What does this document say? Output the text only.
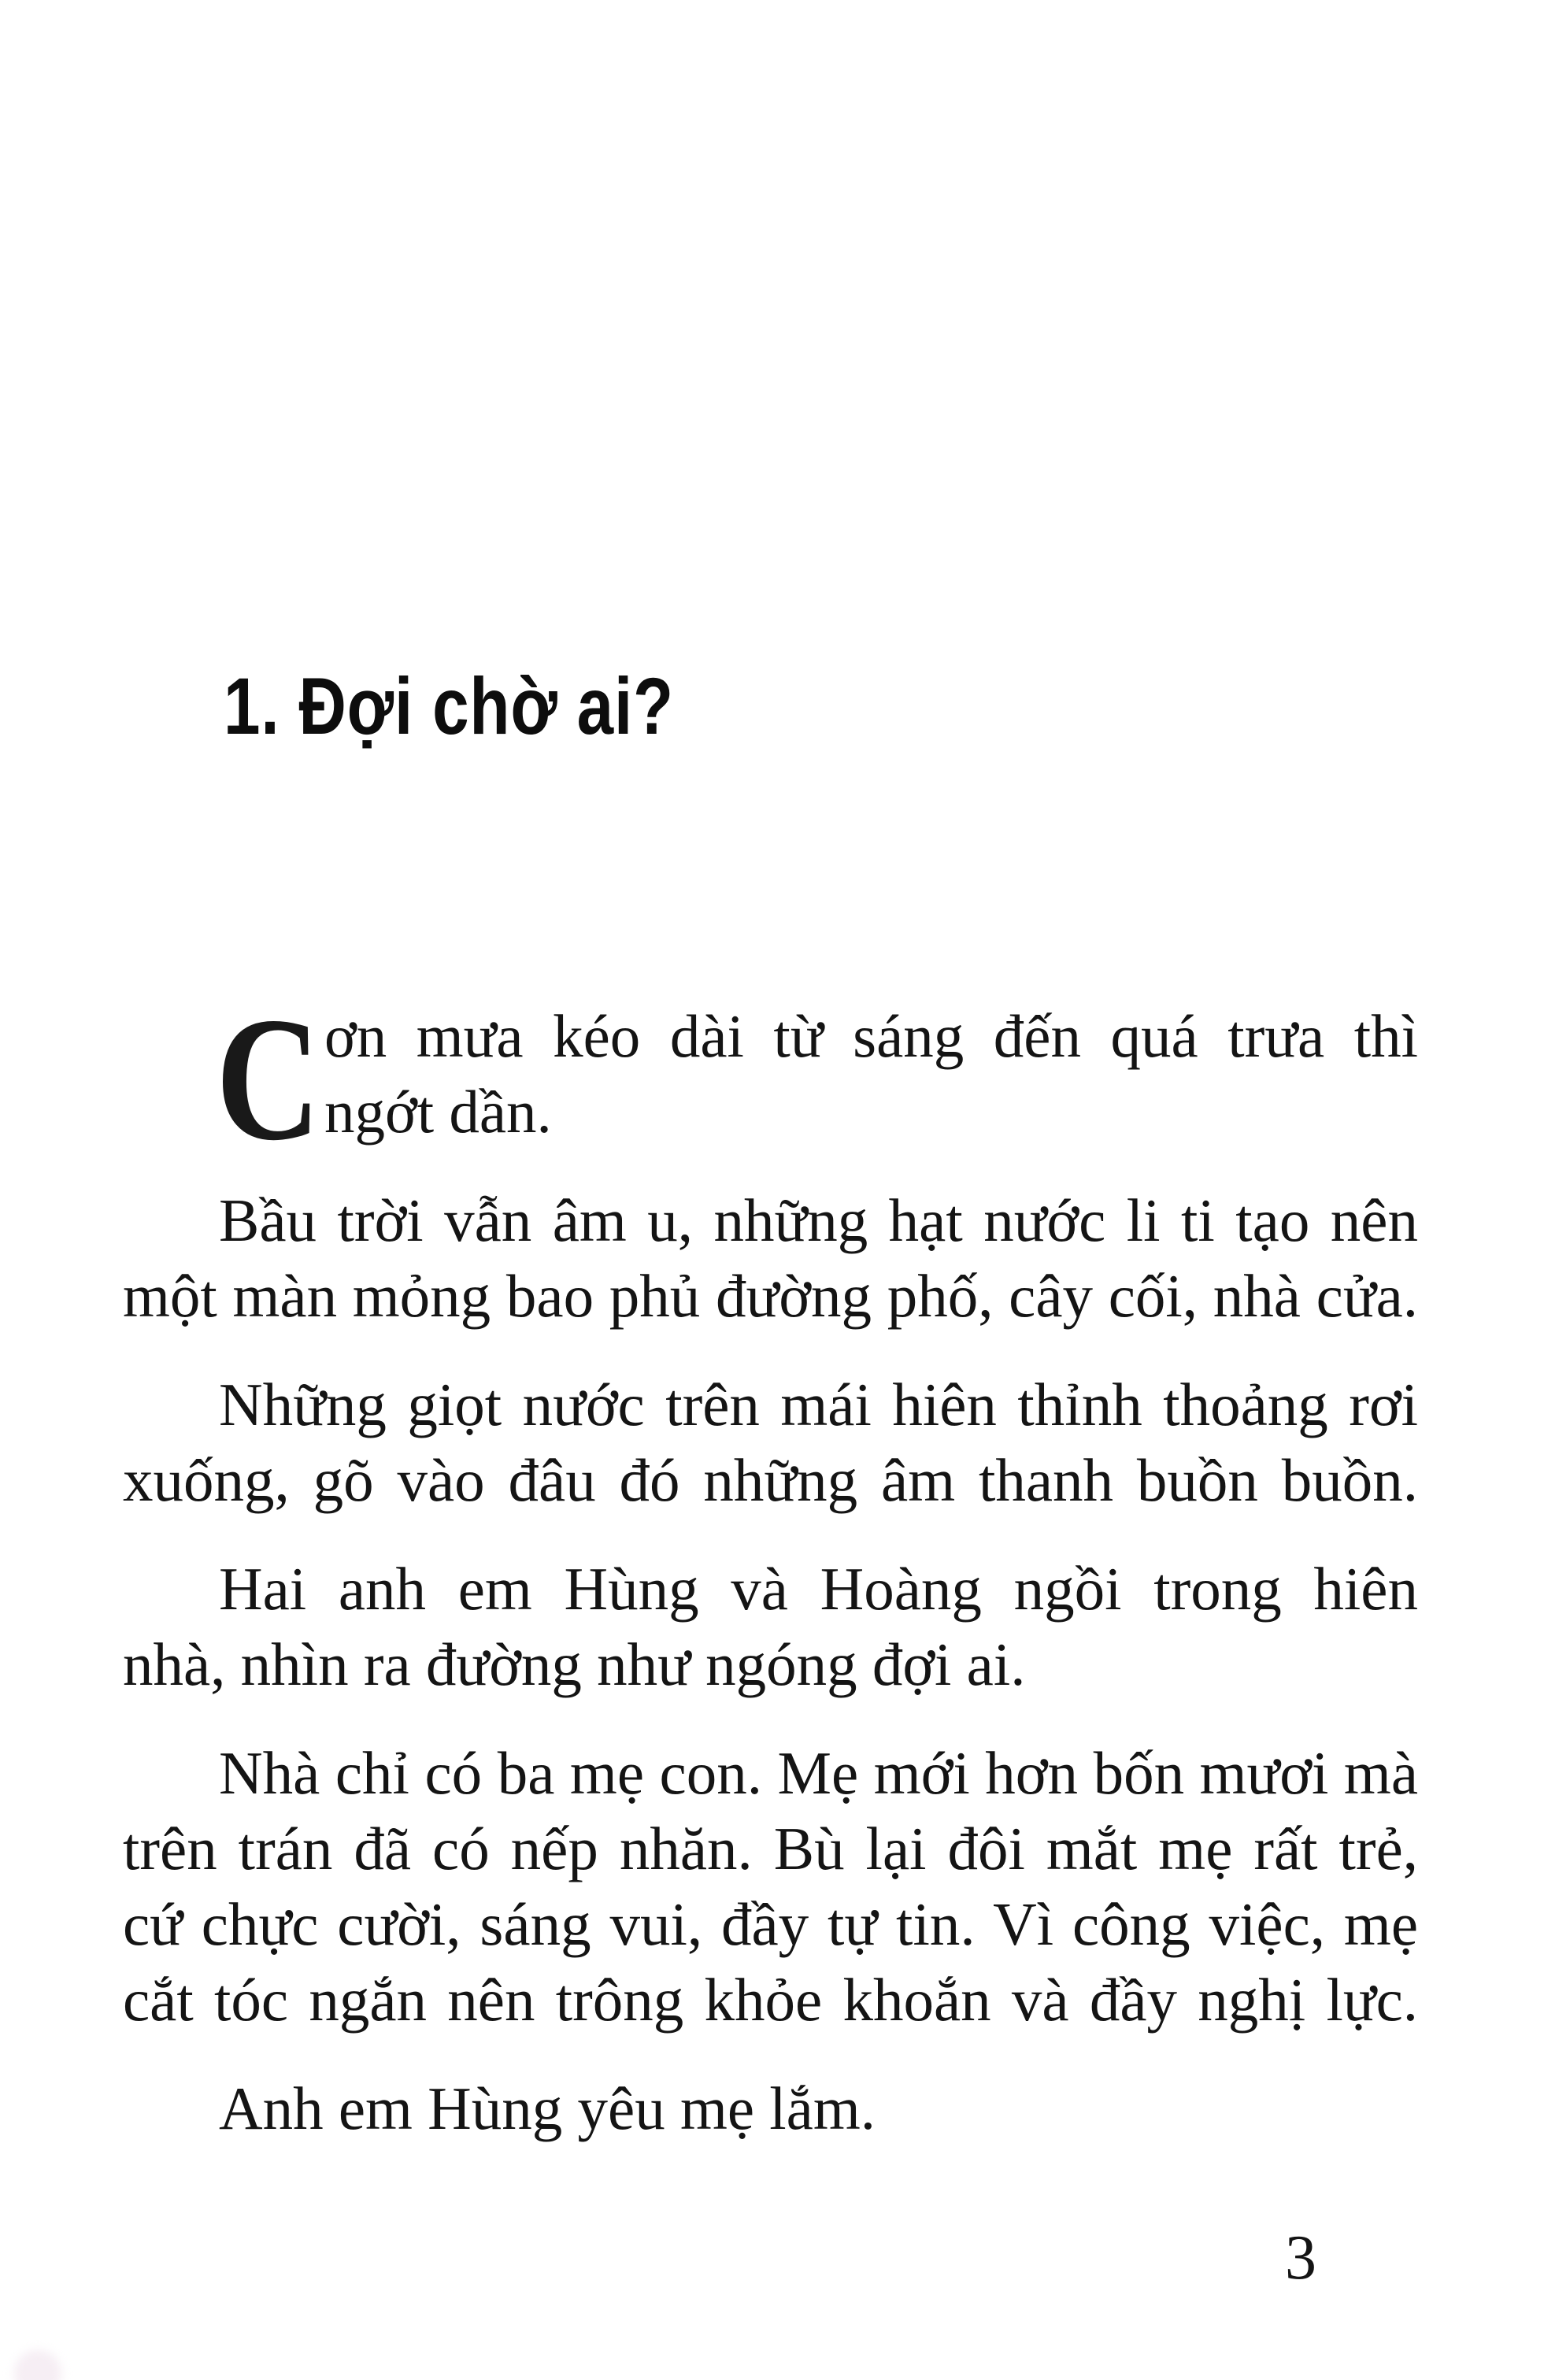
1. Đợi chờ ai?
C ơn mưa kéo dài từ sáng đến quá trưa thì
ngớt dần.
Bầu trời vẫn âm u, những hạt nước li ti tạo nên
một màn mỏng bao phủ đường phố, cây cối, nhà cửa.
Những giọt nước trên mái hiên thỉnh thoảng rơi
xuống, gõ vào đâu đó những âm thanh buồn buồn.
Hai anh em Hùng và Hoàng ngồi trong hiên
nhà, nhìn ra đường như ngóng đợi ai.
Nhà chỉ có ba mẹ con. Mẹ mới hơn bốn mươi mà
trên trán đã có nếp nhăn. Bù lại đôi mắt mẹ rất trẻ,
cứ chực cười, sáng vui, đầy tự tin. Vì công việc, mẹ
cắt tóc ngắn nên trông khỏe khoắn và đầy nghị lực.
Anh em Hùng yêu mẹ lắm.
3
